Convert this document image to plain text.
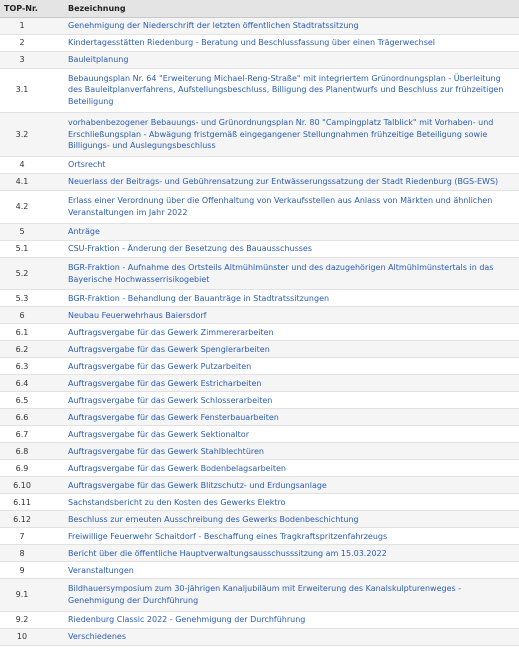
TOP-Nr.	Bezeichnung
1	Genehmigung der Niederschrift der letzten öffentlichen Stadtratssitzung
2	Kindertagesstätten Riedenburg - Beratung und Beschlussfassung über einen Trägerwechsel
3	Bauleitplanung
3.1	Bebauungsplan Nr. 64 "Erweiterung Michael-Reng-Straße" mit integriertem Grünordnungsplan - Überleitung des Bauleitplanverfahrens, Aufstellungsbeschluss, Billigung des Planentwurfs und Beschluss zur frühzeitigen Beteiligung
3.2	vorhabenbezogener Bebauungs- und Grünordnungsplan Nr. 80 "Campingplatz Talblick" mit Vorhaben- und Erschließungsplan - Abwägung fristgemäß eingegangener Stellungnahmen frühzeitige Beteiligung sowie Billigungs- und Auslegungsbeschluss
4	Ortsrecht
4.1	Neuerlass der Beitrags- und Gebührensatzung zur Entwässerungssatzung der Stadt Riedenburg (BGS-EWS)
4.2	Erlass einer Verordnung über die Offenhaltung von Verkaufsstellen aus Anlass von Märkten und ähnlichen Veranstaltungen im Jahr 2022
5	Anträge
5.1	CSU-Fraktion - Änderung der Besetzung des Bauausschusses
5.2	BGR-Fraktion - Aufnahme des Ortsteils Altmühlmünster und des dazugehörigen Altmühlmünstertals in das Bayerische Hochwasserrisikogebiet
5.3	BGR-Fraktion - Behandlung der Bauanträge in Stadtratssitzungen
6	Neubau Feuerwehrhaus Baiersdorf
6.1	Auftragsvergabe für das Gewerk Zimmererarbeiten
6.2	Auftragsvergabe für das Gewerk Spenglerarbeiten
6.3	Auftragsvergabe für das Gewerk Putzarbeiten
6.4	Auftragsvergabe für das Gewerk Estricharbeiten
6.5	Auftragsvergabe für das Gewerk Schlosserarbeiten
6.6	Auftragsvergabe für das Gewerk Fensterbauarbeiten
6.7	Auftragsvergabe für das Gewerk Sektionaltor
6.8	Auftragsvergabe für das Gewerk Stahlblechtüren
6.9	Auftragsvergabe für das Gewerk Bodenbelagsarbeiten
6.10	Auftragsvergabe für das Gewerk Blitzschutz- und Erdungsanlage
6.11	Sachstandsbericht zu den Kosten des Gewerks Elektro
6.12	Beschluss zur erneuten Ausschreibung des Gewerks Bodenbeschichtung
7	Freiwillige Feuerwehr Schaitdorf - Beschaffung eines Tragkraftspritzenfahrzeugs
8	Bericht über die öffentliche Hauptverwaltungsausschusssitzung am 15.03.2022
9	Veranstaltungen
9.1	Bildhauersymposium zum 30-jährigen Kanaljubiläum mit Erweiterung des Kanalskulpturenweges - Genehmigung der Durchführung
9.2	Riedenburg Classic 2022 - Genehmigung der Durchführung
10	Verschiedenes
